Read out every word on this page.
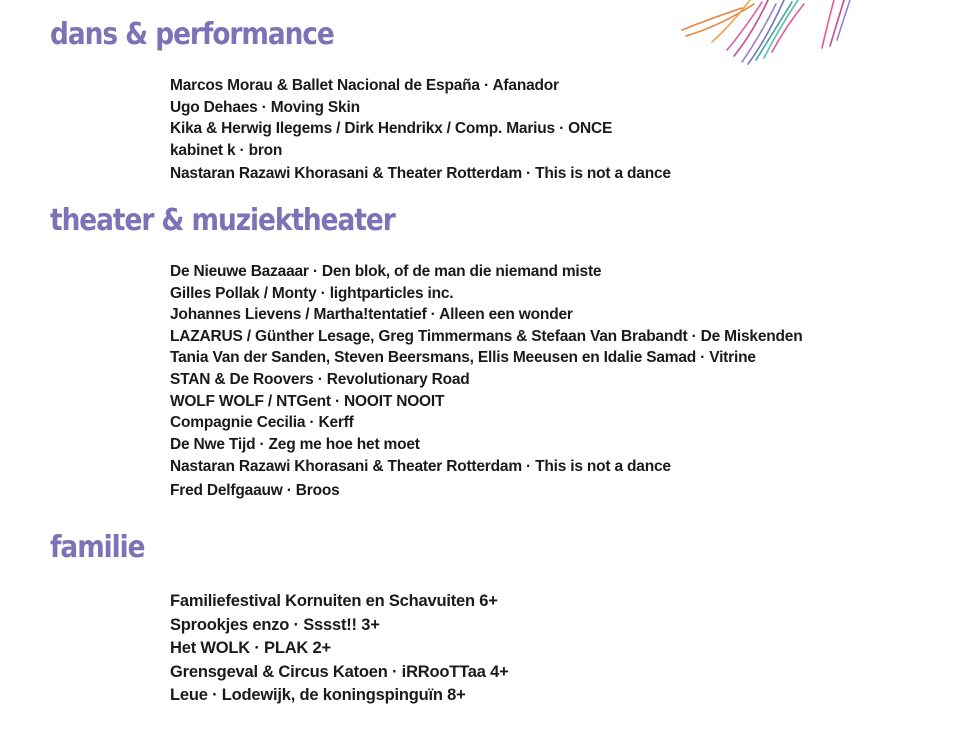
dans & performance
Marcos Morau & Ballet Nacional de España · Afanador
Ugo Dehaes · Moving Skin
Kika & Herwig Ilegems / Dirk Hendrikx / Comp. Marius · ONCE
kabinet k · bron
Nastaran Razawi Khorasani & Theater Rotterdam · This is not a dance
theater & muziektheater
De Nieuwe Bazaaar · Den blok, of de man die niemand miste
Gilles Pollak / Monty · lightparticles inc.
Johannes Lievens / Martha!tentatief · Alleen een wonder
LAZARUS / Günther Lesage, Greg Timmermans & Stefaan Van Brabandt · De Miskenden
Tania Van der Sanden, Steven Beersmans, Ellis Meeusen en Idalie Samad · Vitrine
STAN & De Roovers · Revolutionary Road
WOLF WOLF / NTGent · NOOIT NOOIT
Compagnie Cecilia · Kerff
De Nwe Tijd · Zeg me hoe het moet
Nastaran Razawi Khorasani & Theater Rotterdam · This is not a dance
Fred Delfgaauw · Broos
familie
Familiefestival Kornuiten en Schavuiten 6+
Sprookjes enzo · Sssst!! 3+
Het WOLK · PLAK 2+
Grensgeval & Circus Katoen · iRRooTTaa 4+
Leue · Lodewijk, de koningspinguïn 8+
